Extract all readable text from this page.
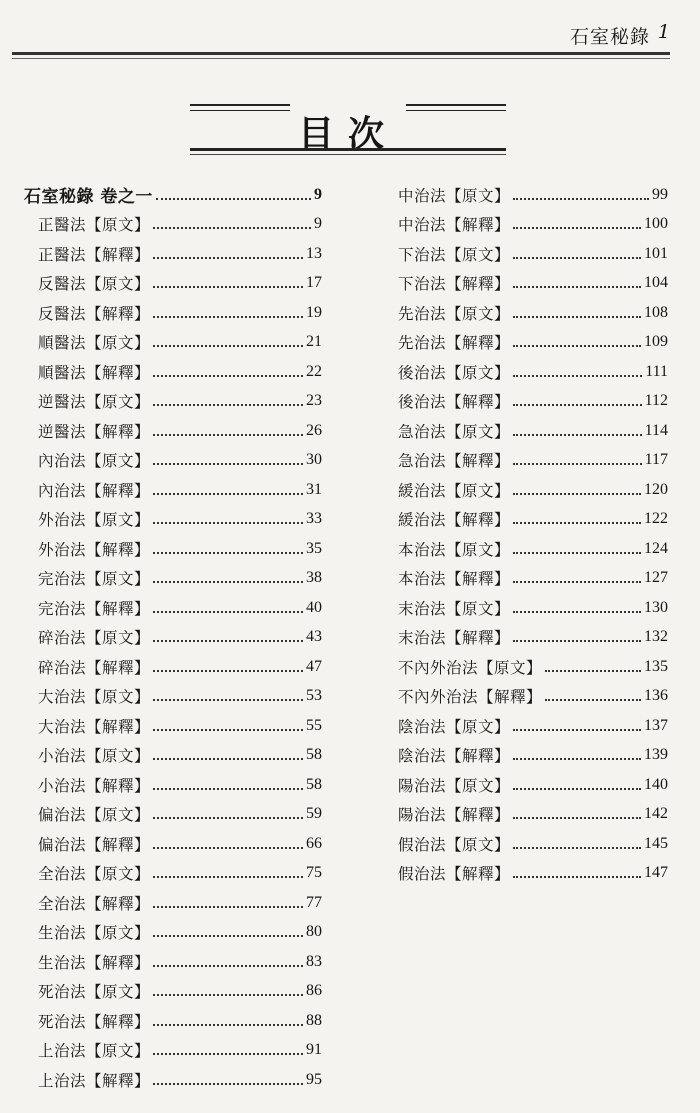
石室秘錄 1
目次
石室秘錄 卷之一	9
正醫法【原文】	9
正醫法【解釋】	13
反醫法【原文】	17
反醫法【解釋】	19
順醫法【原文】	21
順醫法【解釋】	22
逆醫法【原文】	23
逆醫法【解釋】	26
內治法【原文】	30
內治法【解釋】	31
外治法【原文】	33
外治法【解釋】	35
完治法【原文】	38
完治法【解釋】	40
碎治法【原文】	43
碎治法【解釋】	47
大治法【原文】	53
大治法【解釋】	55
小治法【原文】	58
小治法【解釋】	58
偏治法【原文】	59
偏治法【解釋】	66
全治法【原文】	75
全治法【解釋】	77
生治法【原文】	80
生治法【解釋】	83
死治法【原文】	86
死治法【解釋】	88
上治法【原文】	91
上治法【解釋】	95
中治法【原文】	99
中治法【解釋】	100
下治法【原文】	101
下治法【解釋】	104
先治法【原文】	108
先治法【解釋】	109
後治法【原文】	111
後治法【解釋】	112
急治法【原文】	114
急治法【解釋】	117
緩治法【原文】	120
緩治法【解釋】	122
本治法【原文】	124
本治法【解釋】	127
末治法【原文】	130
末治法【解釋】	132
不內外治法【原文】	135
不內外治法【解釋】	136
陰治法【原文】	137
陰治法【解釋】	139
陽治法【原文】	140
陽治法【解釋】	142
假治法【原文】	145
假治法【解釋】	147
